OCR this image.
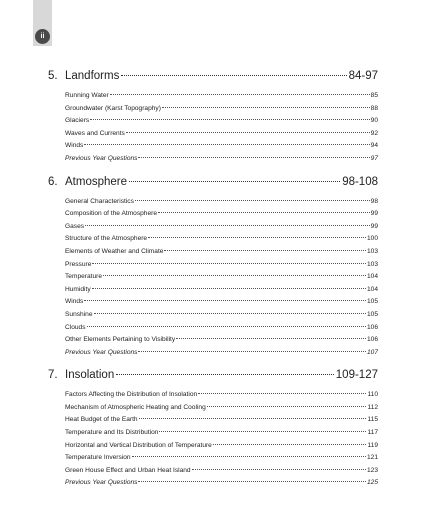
ii
5. Landforms	84-97
Running Water	85
Groundwater (Karst Topography)	88
Glaciers	90
Waves and Currents	92
Winds	94
Previous Year Questions	97
6. Atmosphere	98-108
General Characteristics	98
Composition of the Atmosphere	99
Gases	99
Structure of the Atmosphere	100
Elements of Weather and Climate	103
Pressure	103
Temperature	104
Humidity	104
Winds	105
Sunshine	105
Clouds	106
Other Elements Pertaining to Visibility	106
Previous Year Questions	107
7. Insolation	109-127
Factors Affecting the Distribution of Insolation	110
Mechanism of Atmospheric Heating and Cooling	112
Heat Budget of the Earth	115
Temperature and Its Distribution	117
Horizontal and Vertical Distribution of Temperature	119
Temperature Inversion	121
Green House Effect and Urban Heat Island	123
Previous Year Questions	125
